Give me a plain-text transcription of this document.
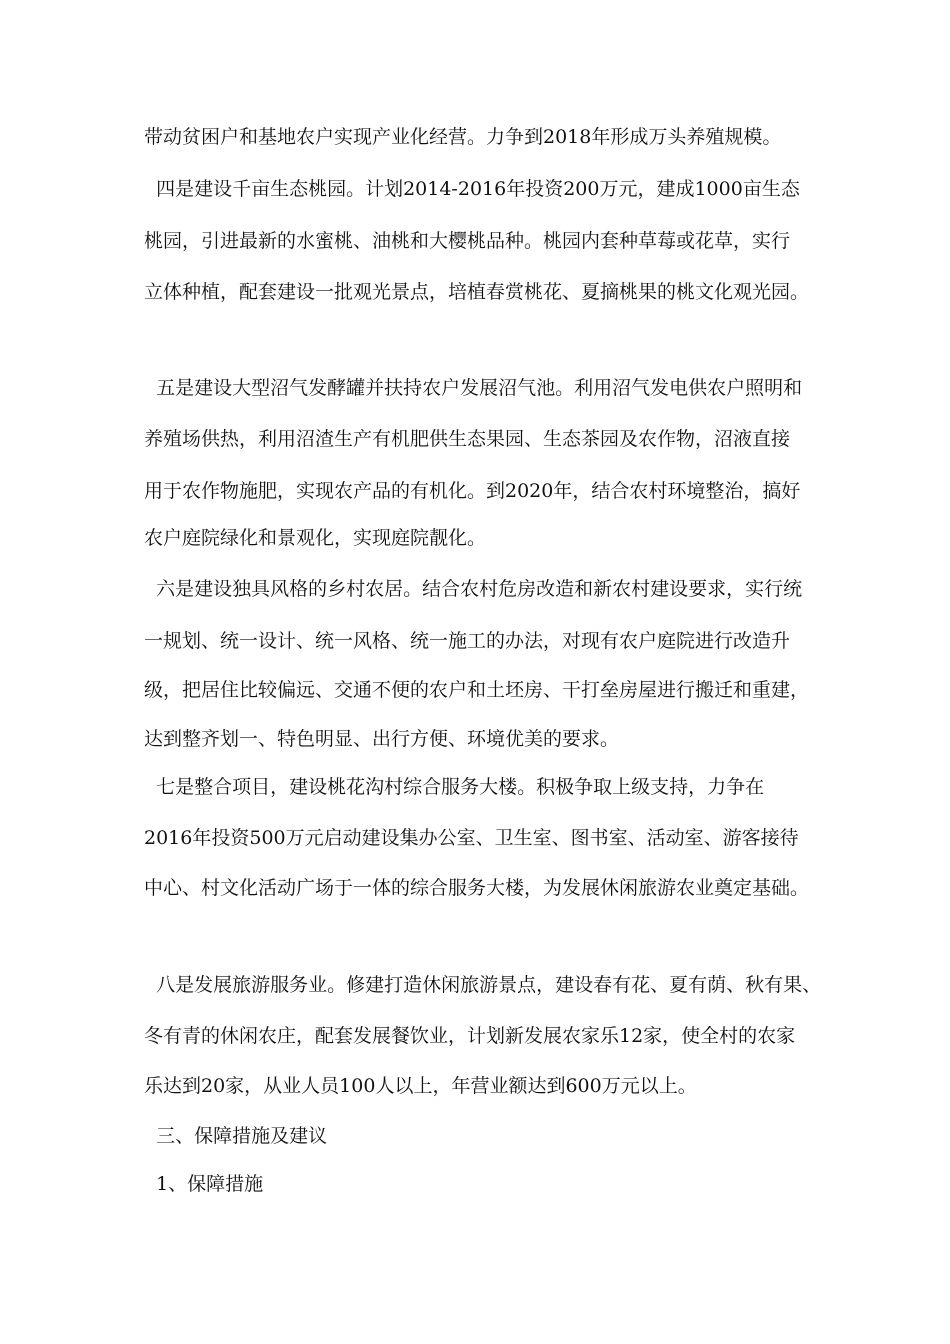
带动贫困户和基地农户实现产业化经营。力争到2018年形成万头养殖规模。
四是建设千亩生态桃园。计划2014-2016年投资200万元，建成1000亩生态
桃园，引进最新的水蜜桃、油桃和大樱桃品种。桃园内套种草莓或花草，实行
立体种植，配套建设一批观光景点，培植春赏桃花、夏摘桃果的桃文化观光园。
五是建设大型沼气发酵罐并扶持农户发展沼气池。利用沼气发电供农户照明和
养殖场供热，利用沼渣生产有机肥供生态果园、生态茶园及农作物，沼液直接
用于农作物施肥，实现农产品的有机化。到2020年，结合农村环境整治，搞好
农户庭院绿化和景观化，实现庭院靓化。
六是建设独具风格的乡村农居。结合农村危房改造和新农村建设要求，实行统
一规划、统一设计、统一风格、统一施工的办法，对现有农户庭院进行改造升
级，把居住比较偏远、交通不便的农户和土坯房、干打垒房屋进行搬迁和重建，
达到整齐划一、特色明显、出行方便、环境优美的要求。
七是整合项目，建设桃花沟村综合服务大楼。积极争取上级支持，力争在
2016年投资500万元启动建设集办公室、卫生室、图书室、活动室、游客接待
中心、村文化活动广场于一体的综合服务大楼，为发展休闲旅游农业奠定基础。
八是发展旅游服务业。修建打造休闲旅游景点，建设春有花、夏有荫、秋有果、
冬有青的休闲农庄，配套发展餐饮业，计划新发展农家乐12家，使全村的农家
乐达到20家，从业人员100人以上，年营业额达到600万元以上。
三、保障措施及建议
1、保障措施
